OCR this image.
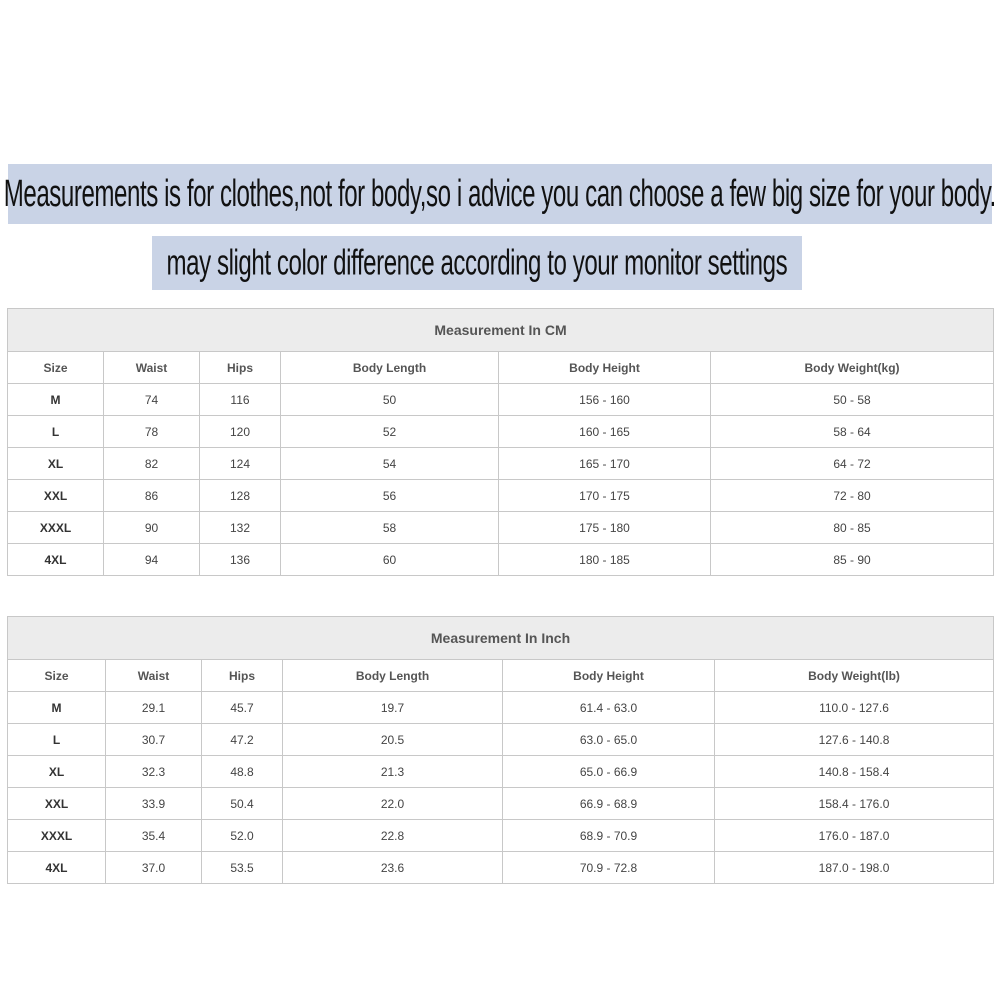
Measurements is for clothes,not for body,so i advice you can choose a few big size for your body.
may slight color difference according to your monitor settings
Measurement In CM					
Size	Waist	Hips	Body Length	Body Height	Body Weight(kg)
M	74	116	50	156 - 160	50 - 58
L	78	120	52	160 - 165	58 - 64
XL	82	124	54	165 - 170	64 - 72
XXL	86	128	56	170 - 175	72 - 80
XXXL	90	132	58	175 - 180	80 - 85
4XL	94	136	60	180 - 185	85 - 90
Measurement In Inch					
Size	Waist	Hips	Body Length	Body Height	Body Weight(lb)
M	29.1	45.7	19.7	61.4 - 63.0	110.0 - 127.6
L	30.7	47.2	20.5	63.0 - 65.0	127.6 - 140.8
XL	32.3	48.8	21.3	65.0 - 66.9	140.8 - 158.4
XXL	33.9	50.4	22.0	66.9 - 68.9	158.4 - 176.0
XXXL	35.4	52.0	22.8	68.9 - 70.9	176.0 - 187.0
4XL	37.0	53.5	23.6	70.9 - 72.8	187.0 - 198.0
